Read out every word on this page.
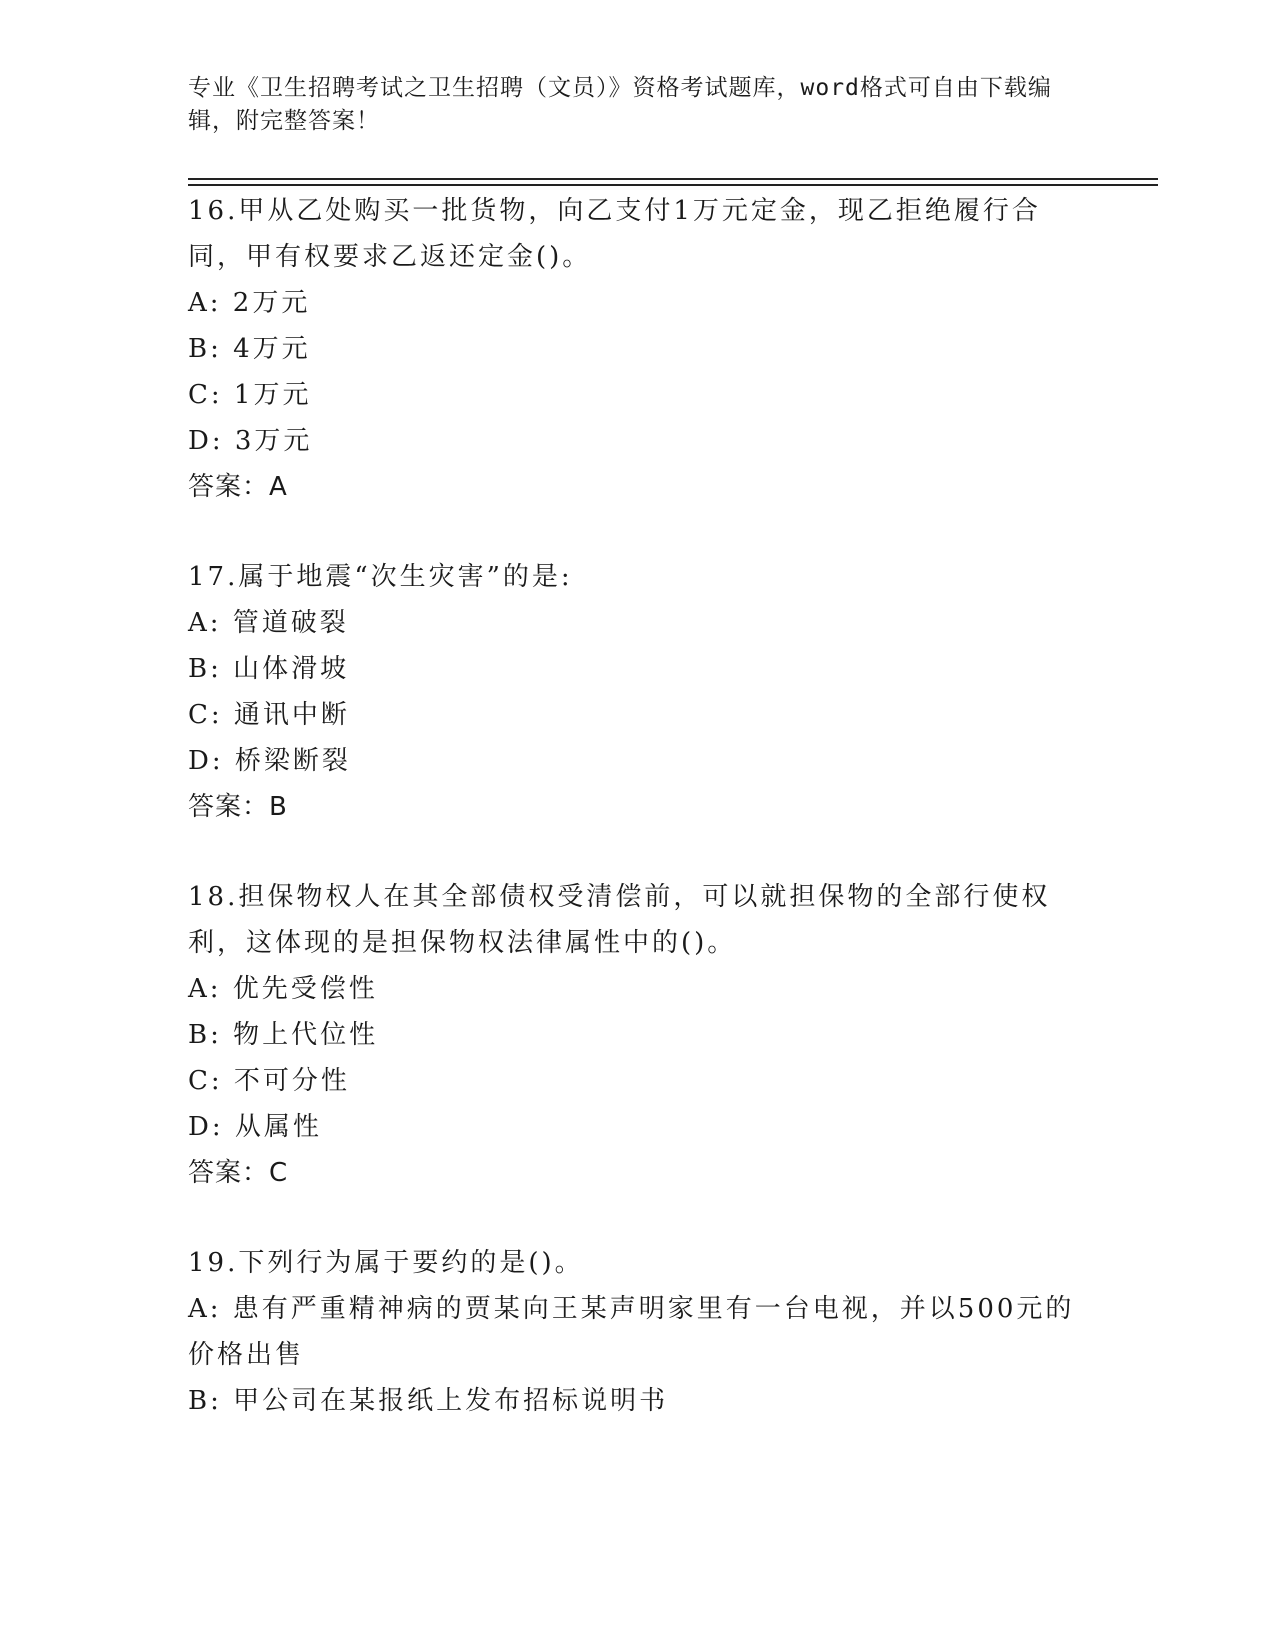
专业《卫生招聘考试之卫生招聘（文员）》资格考试题库，word格式可自由下载编辑，附完整答案！
16.甲从乙处购买一批货物，向乙支付1万元定金，现乙拒绝履行合同，甲有权要求乙返还定金()。
A: 2万元
B: 4万元
C: 1万元
D: 3万元
答案：A
17.属于地震“次生灾害”的是:
A: 管道破裂
B: 山体滑坡
C: 通讯中断
D: 桥梁断裂
答案：B
18.担保物权人在其全部债权受清偿前，可以就担保物的全部行使权利，这体现的是担保物权法律属性中的()。
A: 优先受偿性
B: 物上代位性
C: 不可分性
D: 从属性
答案：C
19.下列行为属于要约的是()。
A: 患有严重精神病的贾某向王某声明家里有一台电视，并以500元的价格出售
B: 甲公司在某报纸上发布招标说明书
